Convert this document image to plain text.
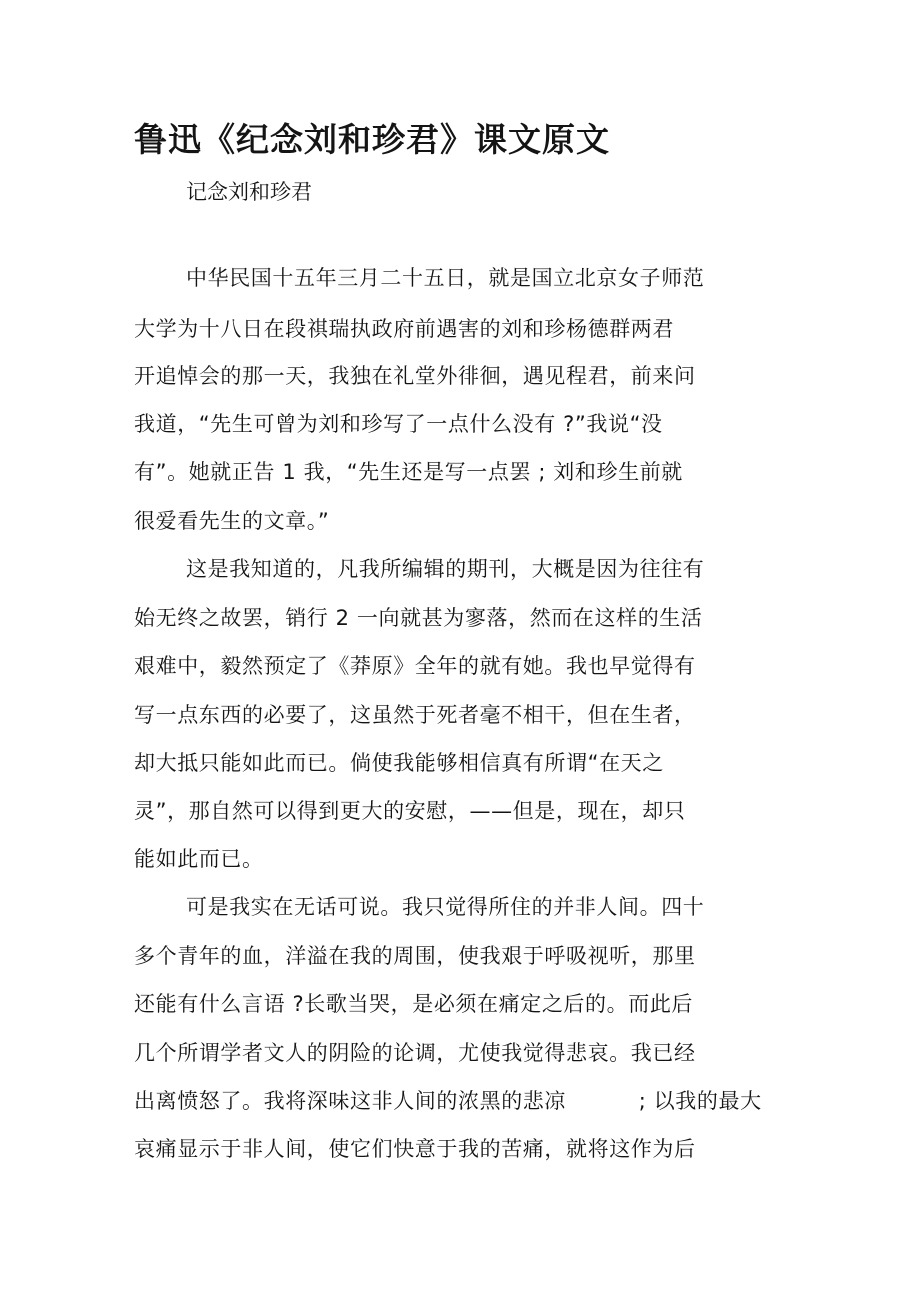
鲁迅《纪念刘和珍君》课文原文
记念刘和珍君
中华民国十五年三月二十五日，就是国立北京女子师范
大学为十八日在段祺瑞执政府前遇害的刘和珍杨德群两君
开追悼会的那一天，我独在礼堂外徘徊，遇见程君，前来问
我道，“先生可曾为刘和珍写了一点什么没有 ?”我说“没
有”。她就正告 1 我，“先生还是写一点罢 ; 刘和珍生前就
很爱看先生的文章。”
这是我知道的，凡我所编辑的期刊，大概是因为往往有
始无终之故罢，销行 2 一向就甚为寥落，然而在这样的生活
艰难中，毅然预定了《莽原》全年的就有她。我也早觉得有
写一点东西的必要了，这虽然于死者毫不相干，但在生者，
却大抵只能如此而已。倘使我能够相信真有所谓“在天之
灵”，那自然可以得到更大的安慰，——但是，现在，却只
能如此而已。
可是我实在无话可说。我只觉得所住的并非人间。四十
多个青年的血，洋溢在我的周围，使我艰于呼吸视听，那里
还能有什么言语 ?长歌当哭，是必须在痛定之后的。而此后
几个所谓学者文人的阴险的论调，尤使我觉得悲哀。我已经
出离愤怒了。我将深味这非人间的浓黑的悲凉          ; 以我的最大
哀痛显示于非人间，使它们快意于我的苦痛，就将这作为后
